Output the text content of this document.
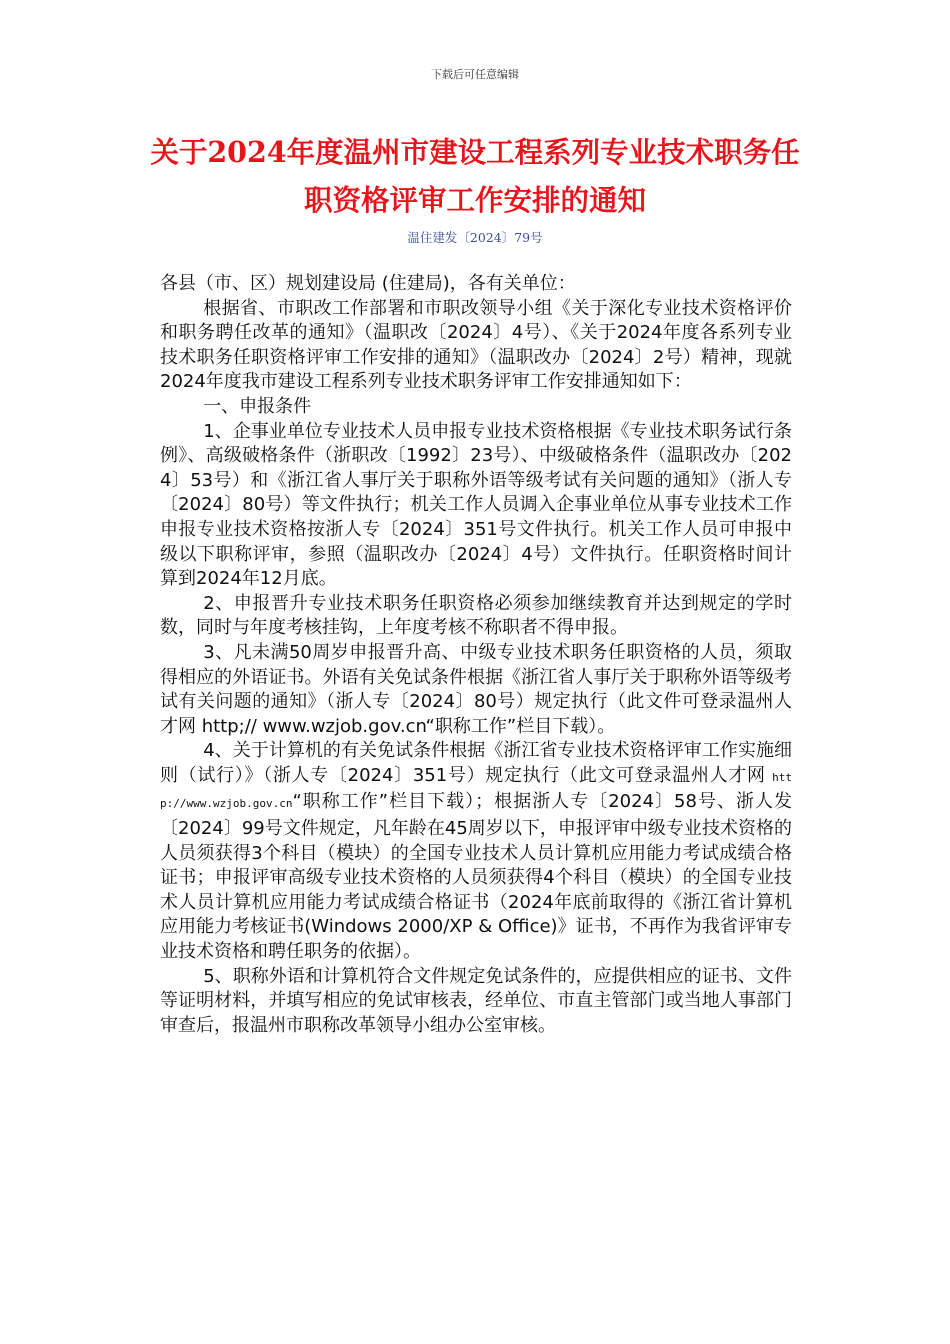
下载后可任意编辑
关于2024年度温州市建设工程系列专业技术职务任
职资格评审工作安排的通知
温住建发〔2024〕79号

各县（市、区）规划建设局 (住建局)，各有关单位：

根据省、市职改工作部署和市职改领导小组《关于深化专业技术资格评价和职务聘任改革的通知》（温职改〔2024〕4号）、《关于2024年度各系列专业技术职务任职资格评审工作安排的通知》（温职改办〔2024〕2号）精神，现就2024年度我市建设工程系列专业技术职务评审工作安排通知如下：

一、申报条件

1、企事业单位专业技术人员申报专业技术资格根据《专业技术职务试行条例》、高级破格条件（浙职改〔1992〕23号）、中级破格条件（温职改办〔2024〕53号）和《浙江省人事厅关于职称外语等级考试有关问题的通知》（浙人专〔2024〕80号）等文件执行；机关工作人员调入企事业单位从事专业技术工作申报专业技术资格按浙人专〔2024〕351号文件执行。机关工作人员可申报中级以下职称评审，参照（温职改办〔2024〕4号）文件执行。任职资格时间计算到2024年12月底。

2、申报晋升专业技术职务任职资格必须参加继续教育并达到规定的学时数，同时与年度考核挂钩，上年度考核不称职者不得申报。

3、凡未满50周岁申报晋升高、中级专业技术职务任职资格的人员，须取得相应的外语证书。外语有关免试条件根据《浙江省人事厅关于职称外语等级考试有关问题的通知》（浙人专〔2024〕80号）规定执行（此文件可登录温州人才网 http;// www.wzjob.gov.cn“职称工作”栏目下载）。

4、关于计算机的有关免试条件根据《浙江省专业技术资格评审工作实施细则（试行）》（浙人专〔2024〕351号）规定执行（此文可登录温州人才网 http://www.wzjob.gov.cn“职称工作”栏目下载）；根据浙人专〔2024〕58号、浙人发〔2024〕99号文件规定，凡年龄在45周岁以下，申报评审中级专业技术资格的人员须获得3个科目（模块）的全国专业技术人员计算机应用能力考试成绩合格证书；申报评审高级专业技术资格的人员须获得4个科目（模块）的全国专业技术人员计算机应用能力考试成绩合格证书（2024年底前取得的《浙江省计算机应用能力考核证书(Windows 2000/XP & Office)》证书，不再作为我省评审专业技术资格和聘任职务的依据）。

5、职称外语和计算机符合文件规定免试条件的，应提供相应的证书、文件等证明材料，并填写相应的免试审核表，经单位、市直主管部门或当地人事部门审查后，报温州市职称改革领导小组办公室审核。
